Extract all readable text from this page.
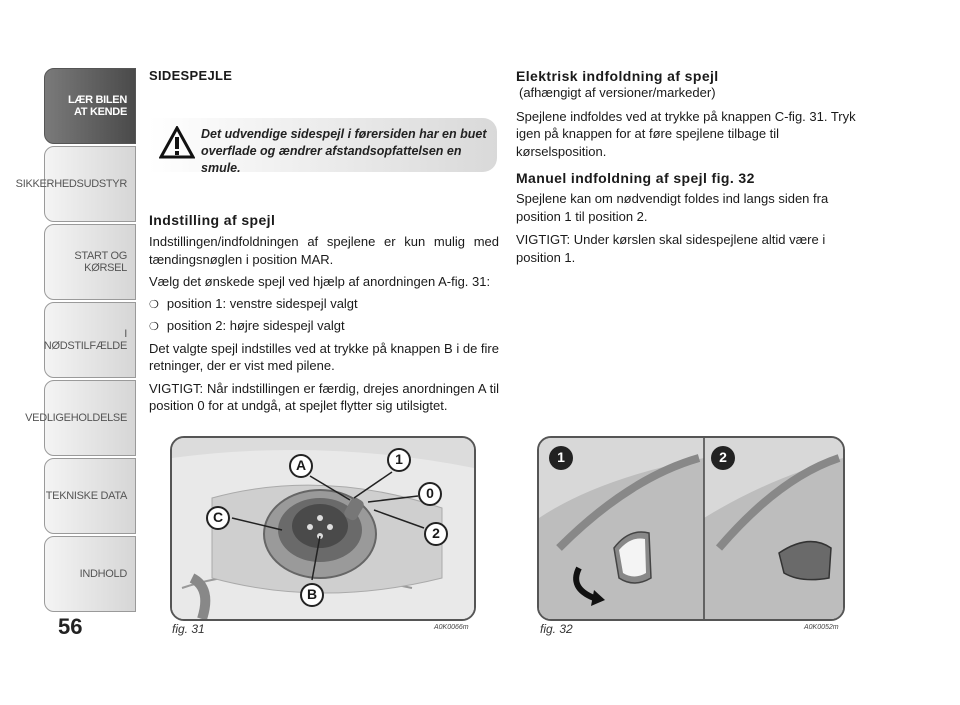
LÆR BILEN
AT KENDE
SIKKERHEDSUDSTYR
START OG KØRSEL
I NØDSTILFÆLDE
VEDLIGEHOLDELSE
TEKNISKE DATA
INDHOLD
56
SIDESPEJLE
Det udvendige sidespejl i førersiden har en buet overflade og ændrer afstandsopfattelsen en smule.
Indstilling af spejl

Indstillingen/indfoldningen af spejlene er kun mulig med tændingsnøglen i position MAR.

Vælg det ønskede spejl ved hjælp af anordningen A-fig. 31:

❍ position 1: venstre sidespejl valgt

❍ position 2: højre sidespejl valgt

Det valgte spejl indstilles ved at trykke på knappen B i de fire retninger, der er vist med pilene.

VIGTIGT: Når indstillingen er færdig, drejes anordningen A til position 0 for at undgå, at spejlet flytter sig utilsigtet.

Elektrisk indfoldning af spejl

(afhængigt af versioner/markeder)

Spejlene indfoldes ved at trykke på knappen C-fig. 31. Tryk igen på knappen for at føre spejlene tilbage til kørselsposition.

Manuel indfoldning af spejl fig. 32

Spejlene kan om nødvendigt foldes ind langs siden fra position 1 til position 2.

VIGTIGT: Under kørslen skal sidespejlene altid være i position 1.

A	1
0
2
C
B
fig. 31	A0K0066m
1	2
fig. 32	A0K0052m
